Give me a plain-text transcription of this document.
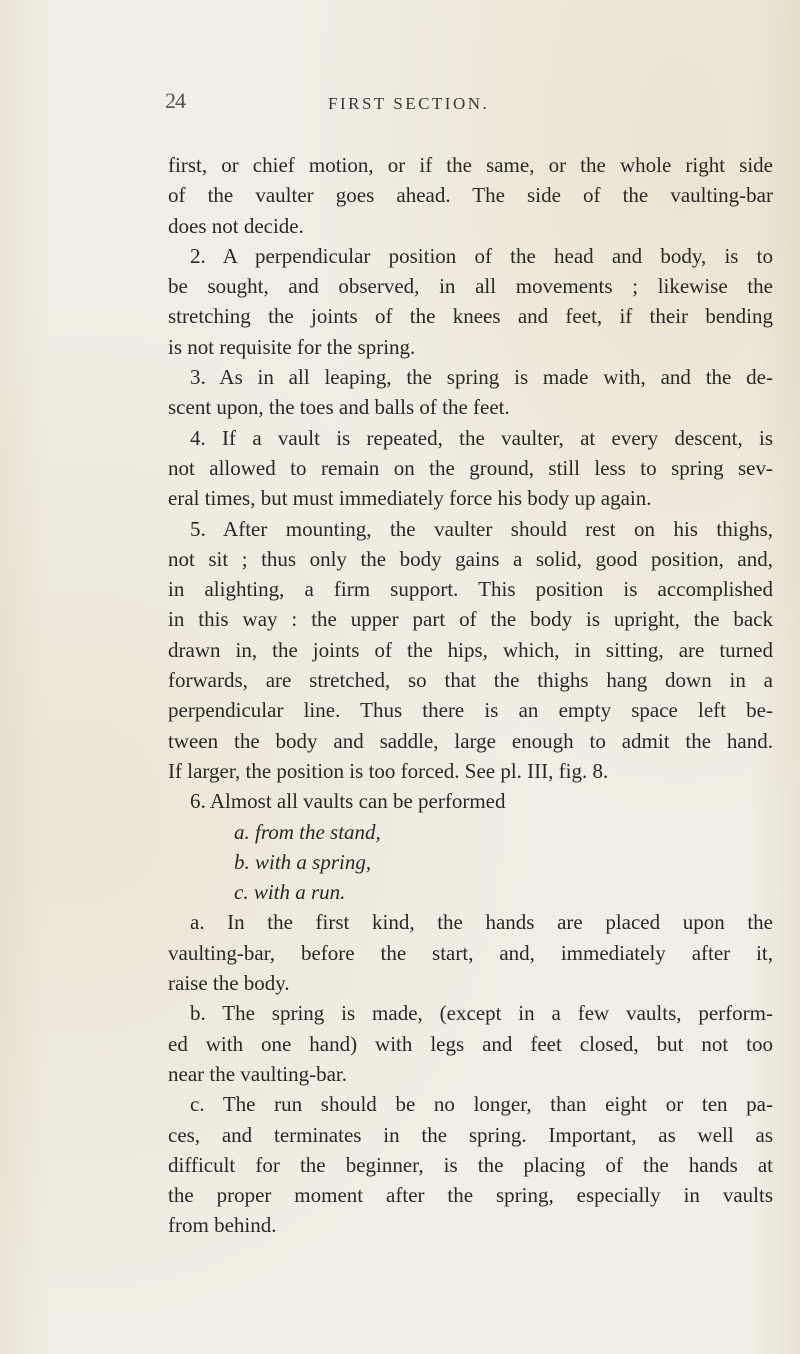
24	FIRST SECTION.
first, or chief motion, or if the same, or the whole right side
of the vaulter goes ahead. The side of the vaulting-bar
does not decide.
2. A perpendicular position of the head and body, is to
be sought, and observed, in all movements ; likewise the
stretching the joints of the knees and feet, if their bending
is not requisite for the spring.
3. As in all leaping, the spring is made with, and the de-
scent upon, the toes and balls of the feet.
4. If a vault is repeated, the vaulter, at every descent, is
not allowed to remain on the ground, still less to spring sev-
eral times, but must immediately force his body up again.
5. After mounting, the vaulter should rest on his thighs,
not sit ; thus only the body gains a solid, good position, and,
in alighting, a firm support. This position is accomplished
in this way : the upper part of the body is upright, the back
drawn in, the joints of the hips, which, in sitting, are turned
forwards, are stretched, so that the thighs hang down in a
perpendicular line. Thus there is an empty space left be-
tween the body and saddle, large enough to admit the hand.
If larger, the position is too forced. See pl. III, fig. 8.
6. Almost all vaults can be performed
a. from the stand,
b. with a spring,
c. with a run.
a. In the first kind, the hands are placed upon the
vaulting-bar, before the start, and, immediately after it,
raise the body.
b. The spring is made, (except in a few vaults, perform-
ed with one hand) with legs and feet closed, but not too
near the vaulting-bar.
c. The run should be no longer, than eight or ten pa-
ces, and terminates in the spring. Important, as well as
difficult for the beginner, is the placing of the hands at
the proper moment after the spring, especially in vaults
from behind.
